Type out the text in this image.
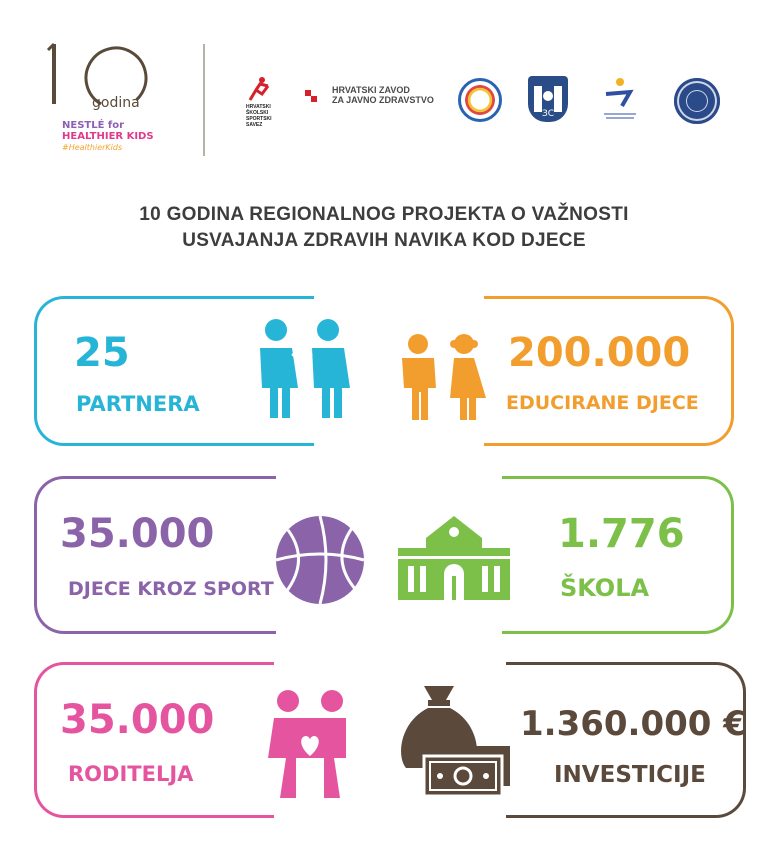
godina
NESTLÉ for
HEALTHIER KIDS
#HealthierKids
HRVATSKI ŠKOLSKI SPORTSKI SAVEZ
HRVATSKI ZAVOD
ZA JAVNO ZDRAVSTVO
ЗС
10 GODINA REGIONALNOG PROJEKTA O VAŽNOSTI
USVAJANJA ZDRAVIH NAVIKA KOD DJECE
25
PARTNERA
200.000
EDUCIRANE DJECE
35.000
DJECE KROZ SPORT
1.776
ŠKOLA
35.000
RODITELJA
1.360.000 €
INVESTICIJE
